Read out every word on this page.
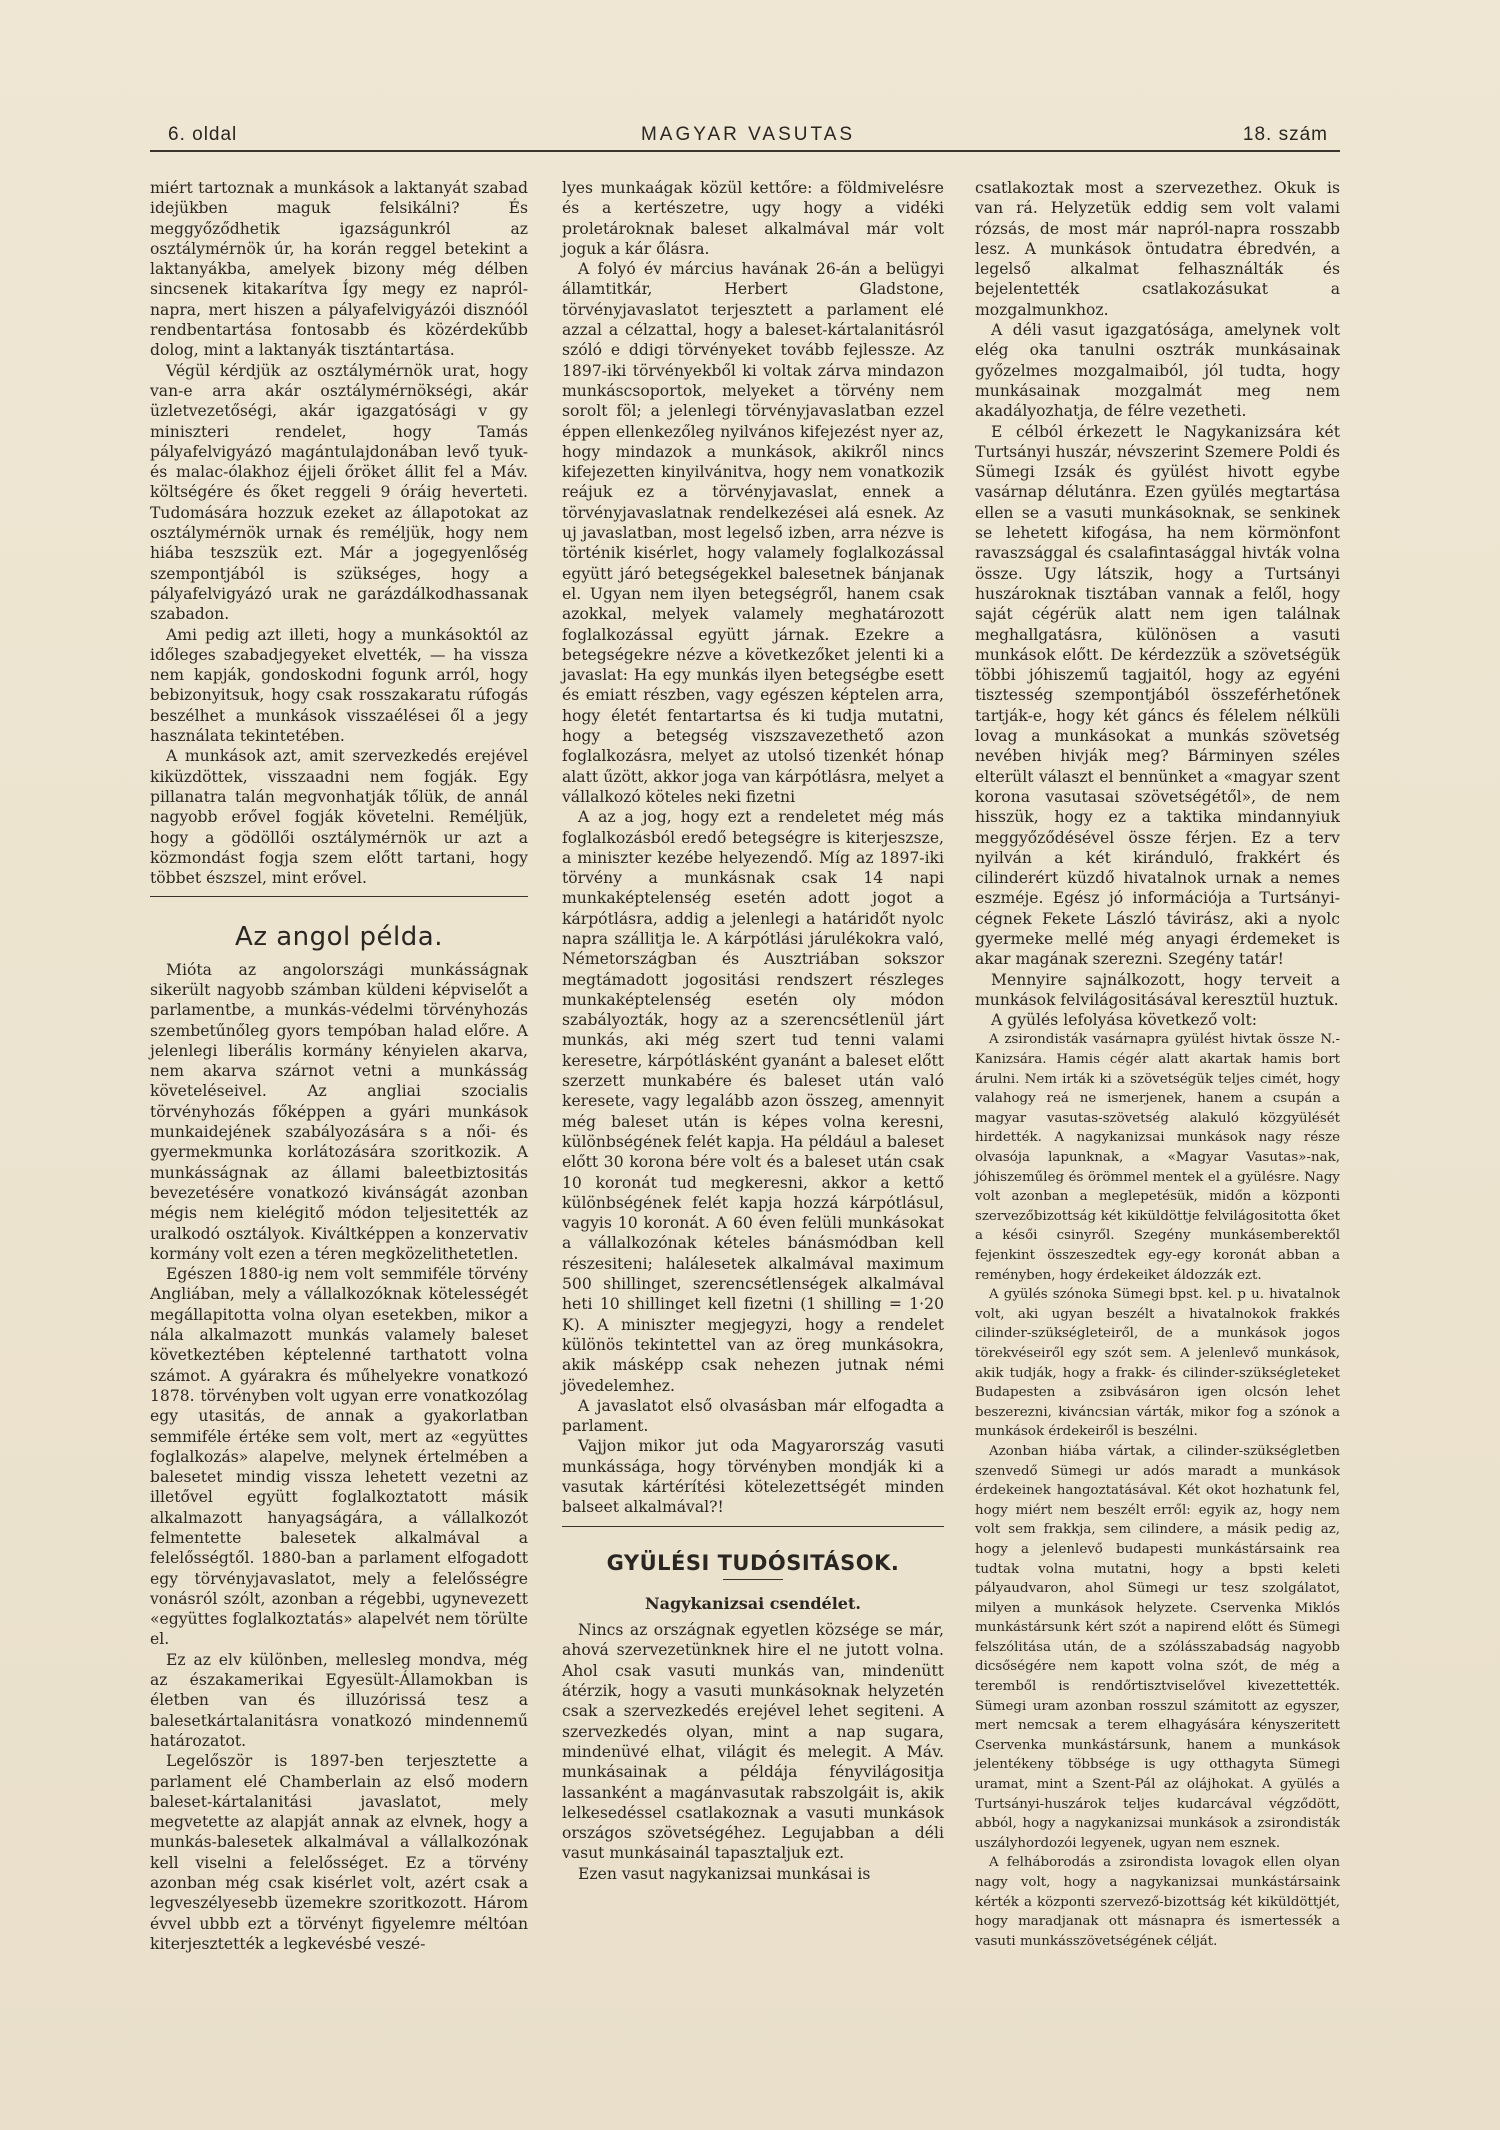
6. oldal	MAGYAR VASUTAS	18. szám

miért tartoznak a munkások a laktanyát szabad idejükben maguk felsikálni? És meggyőződhetik igazságunkról az osztálymérnök úr, ha korán reggel betekint a laktanyákba, amelyek bizony még délben sincsenek kitakarítva Így megy ez napról-napra, mert hiszen a pályafelvigyázói disznóól rendbentartása fontosabb és közérdekűbb dolog, mint a laktanyák tisztántartása.

Végül kérdjük az osztálymérnök urat, hogy van-e arra akár osztálymérnökségi, akár üzletvezetőségi, akár igazgatósági v gy miniszteri rendelet, hogy Tamás pályafelvigyázó magántulajdonában levő tyuk- és malac-ólakhoz éjjeli őröket állit fel a Máv. költségére és őket reggeli 9 óráig heverteti. Tudomására hozzuk ezeket az állapotokat az osztálymérnök urnak és reméljük, hogy nem hiába teszszük ezt. Már a jogegyenlőség szempontjából is szükséges, hogy a pályafelvigyázó urak ne garázdálkodhassanak szabadon.

Ami pedig azt illeti, hogy a munkásoktól az időleges szabadjegyeket elvették, — ha vissza nem kapják, gondoskodni fogunk arról, hogy bebizonyitsuk, hogy csak rosszakaratu rúfogás beszélhet a munkások visszaélései ől a jegy használata tekintetében.

A munkások azt, amit szervezkedés erejével kiküzdöttek, visszaadni nem fogják. Egy pillanatra talán megvonhatják tőlük, de annál nagyobb erővel fogják követelni. Reméljük, hogy a gödöllői osztálymérnök ur azt a közmondást fogja szem előtt tartani, hogy többet észszel, mint erővel.

Az angol példa.

Mióta az angolországi munkásságnak sikerült nagyobb számban küldeni képviselőt a parlamentbe, a munkás-védelmi törvényhozás szembetűnőleg gyors tempóban halad előre. A jelenlegi liberális kormány kényielen akarva, nem akarva szárnot vetni a munkásság követeléseivel. Az angliai szocialis törvényhozás főképpen a gyári munkások munkaidejének szabályozására s a női- és gyermekmunka korlátozására szoritkozik. A munkásságnak az állami baleetbiztositás bevezetésére vonatkozó kivánságát azonban mégis nem kielégitő módon teljesitették az uralkodó osztályok. Kiváltképpen a konzervativ kormány volt ezen a téren megközelithetetlen.

Egészen 1880-ig nem volt semmiféle törvény Angliában, mely a vállalkozóknak kötelességét megállapitotta volna olyan esetekben, mikor a nála alkalmazott munkás valamely baleset következtében képtelenné tarthatott volna számot. A gyárakra és műhelyekre vonatkozó 1878. törvényben volt ugyan erre vonatkozólag egy utasitás, de annak a gyakorlatban semmiféle értéke sem volt, mert az «együttes foglalkozás» alapelve, melynek értelmében a balesetet mindig vissza lehetett vezetni az illetővel együtt foglalkoztatott másik alkalmazott hanyagságára, a vállalkozót felmentette balesetek alkalmával a felelősségtől. 1880-ban a parlament elfogadott egy törvényjavaslatot, mely a felelősségre vonásról szólt, azonban a régebbi, ugynevezett «együttes foglalkoztatás» alapelvét nem törülte el.

Ez az elv különben, mellesleg mondva, még az északamerikai Egyesült-Államokban is életben van és illuzórissá tesz a balesetkártalanitásra vonatkozó mindennemű határozatot.

Legelőször is 1897-ben terjesztette a parlament elé Chamberlain az első modern baleset-kártalanitási javaslatot, mely megvetette az alapját annak az elvnek, hogy a munkás-balesetek alkalmával a vállalkozónak kell viselni a felelősséget. Ez a törvény azonban még csak kisérlet volt, azért csak a legveszélyesebb üzemekre szoritkozott. Három évvel ubbb ezt a törvényt figyelemre méltóan kiterjesztették a legkevésbé veszé-

lyes munkaágak közül kettőre: a földmivelésre és a kertészetre, ugy hogy a vidéki proletároknak baleset alkalmával már volt joguk a kár őlásra.

A folyó év március havának 26-án a belügyi államtitkár, Herbert Gladstone, törvényjavaslatot terjesztett a parlament elé azzal a célzattal, hogy a baleset-kártalanitásról szóló e ddigi törvényeket tovább fejlessze. Az 1897-iki törvényekből ki voltak zárva mindazon munkáscsoportok, melyeket a törvény nem sorolt föl; a jelenlegi törvényjavaslatban ezzel éppen ellenkezőleg nyilvános kifejezést nyer az, hogy mindazok a munkások, akikről nincs kifejezetten kinyilvánitva, hogy nem vonatkozik reájuk ez a törvényjavaslat, ennek a törvényjavaslatnak rendelkezései alá esnek. Az uj javaslatban, most legelső izben, arra nézve is történik kisérlet, hogy valamely foglalkozással együtt járó betegségekkel balesetnek bánjanak el. Ugyan nem ilyen betegségről, hanem csak azokkal, melyek valamely meghatározott foglalkozással együtt járnak. Ezekre a betegségekre nézve a következőket jelenti ki a javaslat: Ha egy munkás ilyen betegségbe esett és emiatt részben, vagy egészen képtelen arra, hogy életét fentartartsa és ki tudja mutatni, hogy a betegség viszszavezethető azon foglalkozásra, melyet az utolsó tizenkét hónap alatt űzött, akkor joga van kárpótlásra, melyet a vállalkozó köteles neki fizetni

A az a jog, hogy ezt a rendeletet még más foglalkozásból eredő betegségre is kiterjeszsze, a miniszter kezébe helyezendő. Míg az 1897-iki törvény a munkásnak csak 14 napi munkaképtelenség esetén adott jogot a kárpótlásra, addig a jelenlegi a határidőt nyolc napra szállitja le. A kárpótlási járulékokra való, Németországban és Ausztriában sokszor megtámadott jogositási rendszert részleges munkaképtelenség esetén oly módon szabályozták, hogy az a szerencsétlenül járt munkás, aki még szert tud tenni valami keresetre, kárpótlásként gyanánt a baleset előtt szerzett munkabére és baleset után való keresete, vagy legalább azon összeg, amennyit még baleset után is képes volna keresni, különbségének felét kapja. Ha például a baleset előtt 30 korona bére volt és a baleset után csak 10 koronát tud megkeresni, akkor a kettő különbségének felét kapja hozzá kárpótlásul, vagyis 10 koronát. A 60 éven felüli munkásokat a vállalkozónak kételes bánásmódban kell részesiteni; halálesetek alkalmával maximum 500 shillinget, szerencsétlenségek alkalmával heti 10 shillinget kell fizetni (1 shilling = 1·20 K). A miniszter megjegyzi, hogy a rendelet különös tekintettel van az öreg munkásokra, akik másképp csak nehezen jutnak némi jövedelemhez.

A javaslatot első olvasásban már elfogadta a parlament.

Vajjon mikor jut oda Magyarország vasuti munkássága, hogy törvényben mondják ki a vasutak kártérítési kötelezettségét minden balseet alkalmával?!

GYÜLÉSI TUDÓSITÁSOK.
Nagykanizsai csendélet.

Nincs az országnak egyetlen községe se már, ahová szervezetünknek hire el ne jutott volna. Ahol csak vasuti munkás van, mindenütt átérzik, hogy a vasuti munkásoknak helyzetén csak a szervezkedés erejével lehet segiteni. A szervezkedés olyan, mint a nap sugara, mindenüvé elhat, világit és melegit. A Máv. munkásainak a példája fényvilágositja lassanként a magánvasutak rabszolgáit is, akik lelkesedéssel csatlakoznak a vasuti munkások országos szövetségéhez. Legujabban a déli vasut munkásainál tapasztaljuk ezt.

Ezen vasut nagykanizsai munkásai is

csatlakoztak most a szervezethez. Okuk is van rá. Helyzetük eddig sem volt valami rózsás, de most már napról-napra rosszabb lesz. A munkások öntudatra ébredvén, a legelső alkalmat felhasználták és bejelentették csatlakozásukat a mozgalmunkhoz.

A déli vasut igazgatósága, amelynek volt elég oka tanulni osztrák munkásainak győzelmes mozgalmaiból, jól tudta, hogy munkásainak mozgalmát meg nem akadályozhatja, de félre vezetheti.

E célból érkezett le Nagykanizsára két Turtsányi huszár, névszerint Szemere Poldi és Sümegi Izsák és gyülést hivott egybe vasárnap délutánra. Ezen gyülés megtartása ellen se a vasuti munkásoknak, se senkinek se lehetett kifogása, ha nem körmönfont ravaszsággal és csalafintasággal hivták volna össze. Ugy látszik, hogy a Turtsányi huszároknak tisztában vannak a felől, hogy saját cégérük alatt nem igen találnak meghallgatásra, különösen a vasuti munkások előtt. De kérdezzük a szövetségük többi jóhiszemű tagjaitól, hogy az egyéni tisztesség szempontjából összeférhetőnek tartják-e, hogy két gáncs és félelem nélküli lovag a munkásokat a munkás szövetség nevében hivják meg? Bárminyen széles elterült választ el bennünket a «magyar szent korona vasutasai szövetségétől», de nem hisszük, hogy ez a taktika mindannyiuk meggyőződésével össze férjen. Ez a terv nyilván a két kiránduló, frakkért és cilinderért küzdő hivatalnok urnak a nemes eszméje. Egész jó információja a Turtsányi-cégnek Fekete László távirász, aki a nyolc gyermeke mellé még anyagi érdemeket is akar magának szerezni. Szegény tatár!

Mennyire sajnálkozott, hogy terveit a munkások felvilágositásával keresztül huztuk.

A gyülés lefolyása következő volt:

A zsirondisták vasárnapra gyülést hivtak össze N.-Kanizsára. Hamis cégér alatt akartak hamis bort árulni. Nem irták ki a szövetségük teljes cimét, hogy valahogy reá ne ismerjenek, hanem a csupán a magyar vasutas-szövetség alakuló közgyülését hirdették. A nagykanizsai munkások nagy része olvasója lapunknak, a «Magyar Vasutas»-nak, jóhiszeműleg és örömmel mentek el a gyülésre. Nagy volt azonban a meglepetésük, midőn a központi szervezőbizottság két kiküldöttje felvilágositotta őket a késői csinyről. Szegény munkásemberektől fejenkint összeszedtek egy-egy koronát abban a reményben, hogy érdekeiket áldozzák ezt.

A gyülés szónoka Sümegi bpst. kel. p u. hivatalnok volt, aki ugyan beszélt a hivatalnokok frakkés cilinder-szükségleteiről, de a munkások jogos törekvéseiről egy szót sem. A jelenlevő munkások, akik tudják, hogy a frakk- és cilinder-szükségleteket Budapesten a zsibvásáron igen olcsón lehet beszerezni, kiváncsian várták, mikor fog a szónok a munkások érdekeiről is beszélni.

Azonban hiába vártak, a cilinder-szükségletben szenvedő Sümegi ur adós maradt a munkások érdekeinek hangoztatásával. Két okot hozhatunk fel, hogy miért nem beszélt erről: egyik az, hogy nem volt sem frakkja, sem cilindere, a másik pedig az, hogy a jelenlevő budapesti munkástársaink rea tudtak volna mutatni, hogy a bpsti keleti pályaudvaron, ahol Sümegi ur tesz szolgálatot, milyen a munkások helyzete. Cservenka Miklós munkástársunk kért szót a napirend előtt és Sümegi felszólitása után, de a szólásszabadság nagyobb dicsőségére nem kapott volna szót, de még a teremből is rendőrtisztviselővel kivezettették. Sümegi uram azonban rosszul számitott az egyszer, mert nemcsak a terem elhagyására kényszeritett Cservenka munkástársunk, hanem a munkások jelentékeny többsége is ugy otthagyta Sümegi uramat, mint a Szent-Pál az olájhokat. A gyülés a Turtsányi-huszárok teljes kudarcával végződött, abból, hogy a nagykanizsai munkások a zsirondisták uszályhordozói legyenek, ugyan nem esznek.

A felháborodás a zsirondista lovagok ellen olyan nagy volt, hogy a nagykanizsai munkástársaink kérték a központi szervező-bizottság két kiküldöttjét, hogy maradjanak ott másnapra és ismertessék a vasuti munkásszövetségének célját.
